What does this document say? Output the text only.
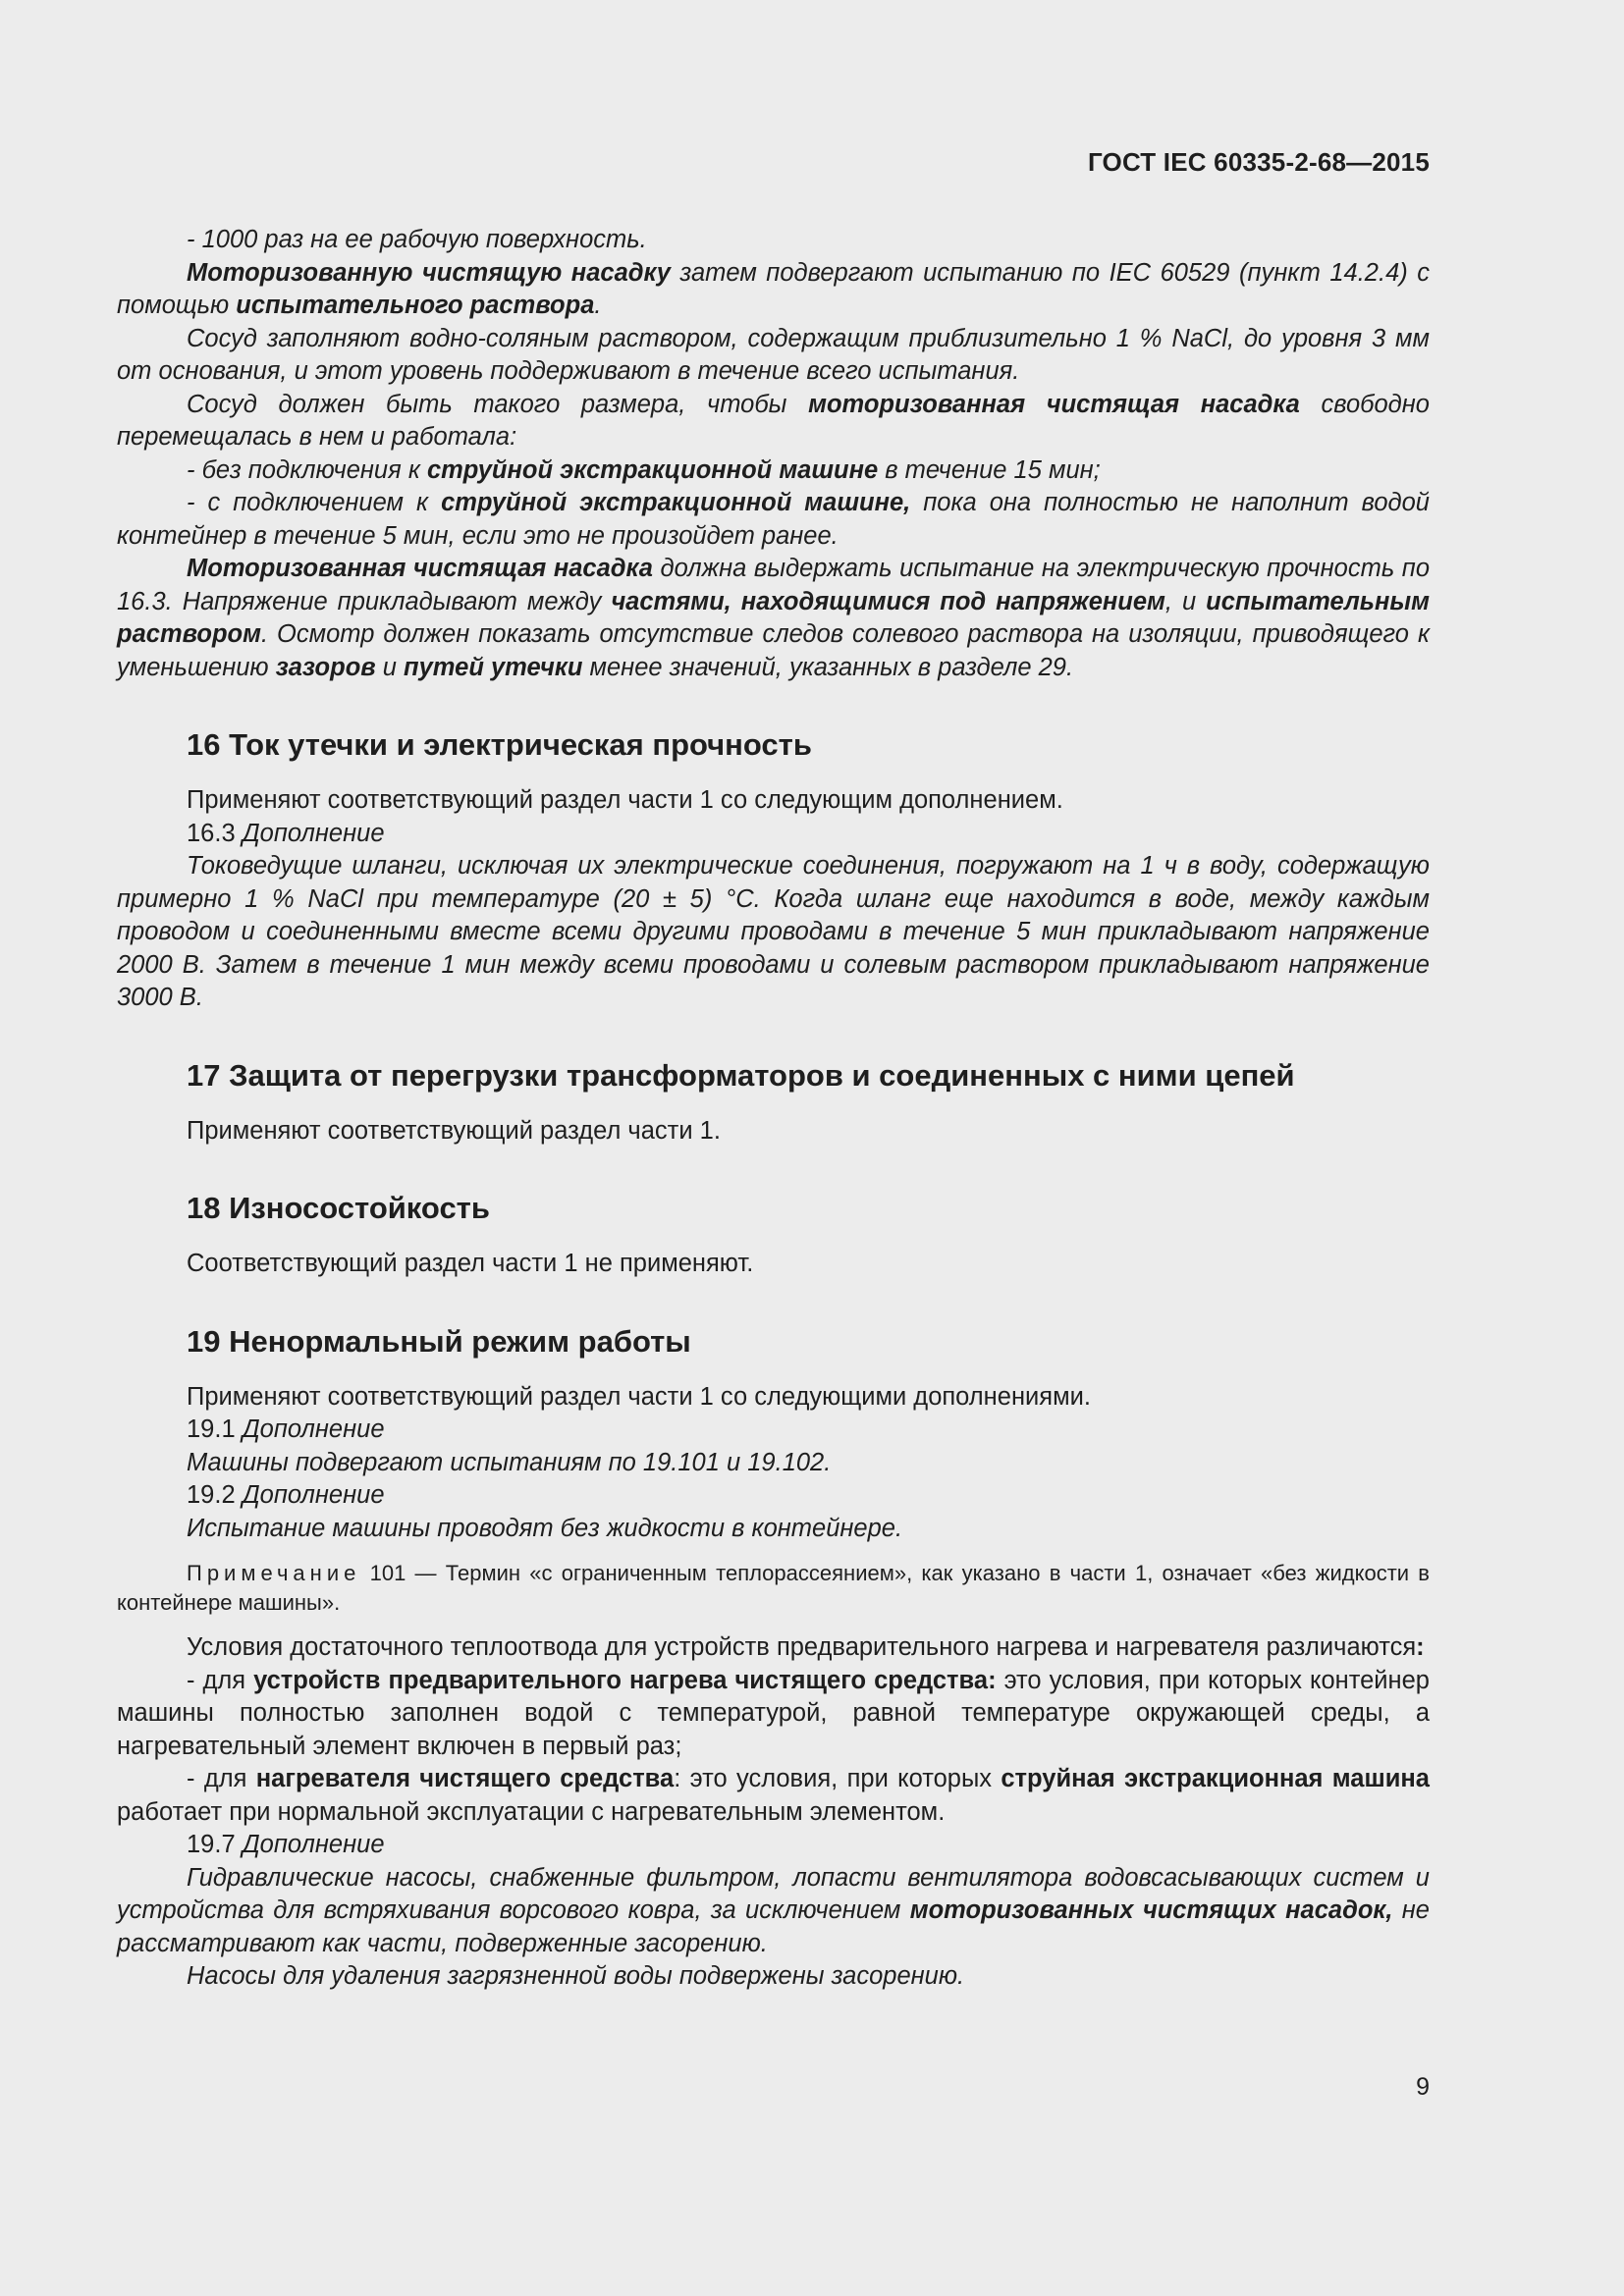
ГОСТ IEC 60335-2-68—2015

- 1000 раз на ее рабочую поверхность.

Моторизованную чистящую насадку затем подвергают испытанию по IEC 60529 (пункт 14.2.4) с помощью испытательного раствора.

Сосуд заполняют водно-соляным раствором, содержащим приблизительно 1 % NaCl, до уровня 3 мм от основания, и этот уровень поддерживают в течение всего испытания.

Сосуд должен быть такого размера, чтобы моторизованная чистящая насадка свободно перемещалась в нем и работала:

- без подключения к струйной экстракционной машине в течение 15 мин;

- с подключением к струйной экстракционной машине, пока она полностью не наполнит водой контейнер в течение 5 мин, если это не произойдет ранее.

Моторизованная чистящая насадка должна выдержать испытание на электрическую прочность по 16.3. Напряжение прикладывают между частями, находящимися под напряжением, и испытательным раствором. Осмотр должен показать отсутствие следов солевого раствора на изоляции, приводящего к уменьшению зазоров и путей утечки менее значений, указанных в разделе 29.

16 Ток утечки и электрическая прочность

Применяют соответствующий раздел части 1 со следующим дополнением.

16.3 Дополнение

Токоведущие шланги, исключая их электрические соединения, погружают на 1 ч в воду, содержащую примерно 1 % NaCl при температуре (20 ± 5) °С. Когда шланг еще находится в воде, между каждым проводом и соединенными вместе всеми другими проводами в течение 5 мин прикладывают напряжение 2000 В. Затем в течение 1 мин между всеми проводами и солевым раствором прикладывают напряжение 3000 В.

17 Защита от перегрузки трансформаторов и соединенных с ними цепей

Применяют соответствующий раздел части 1.

18 Износостойкость

Соответствующий раздел части 1 не применяют.

19 Ненормальный режим работы

Применяют соответствующий раздел части 1 со следующими дополнениями.

19.1 Дополнение

Машины подвергают испытаниям по 19.101 и 19.102.

19.2 Дополнение

Испытание машины проводят без жидкости в контейнере.

Примечание 101 — Термин «с ограниченным теплорассеянием», как указано в части 1, означает «без жидкости в контейнере машины».

Условия достаточного теплоотвода для устройств предварительного нагрева и нагревателя различаются:

- для устройств предварительного нагрева чистящего средства: это условия, при которых контейнер машины полностью заполнен водой с температурой, равной температуре окружающей среды, а нагревательный элемент включен в первый раз;

- для нагревателя чистящего средства: это условия, при которых струйная экстракционная машина работает при нормальной эксплуатации с нагревательным элементом.

19.7 Дополнение

Гидравлические насосы, снабженные фильтром, лопасти вентилятора водовсасывающих систем и устройства для встряхивания ворсового ковра, за исключением моторизованных чистящих насадок, не рассматривают как части, подверженные засорению.

Насосы для удаления загрязненной воды подвержены засорению.

9
